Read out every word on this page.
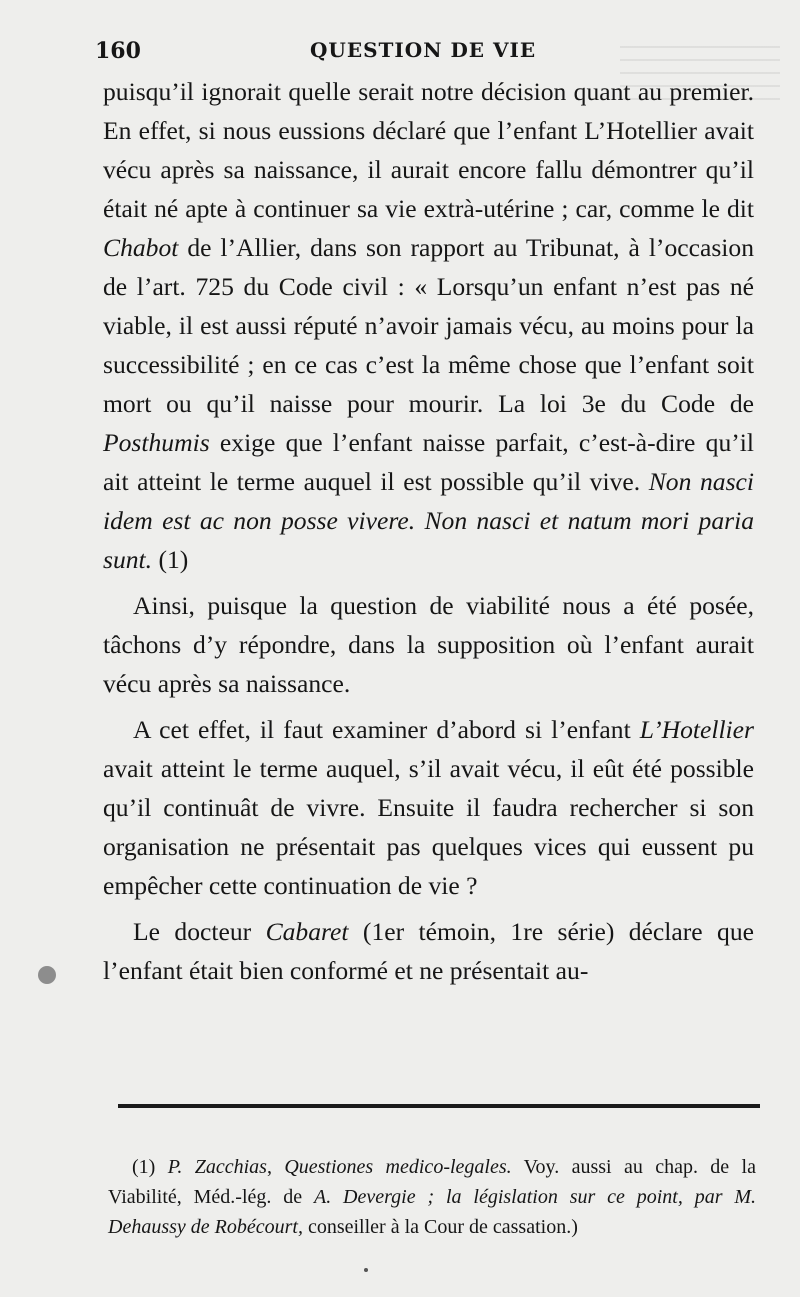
160	QUESTION DE VIE

puisqu’il ignorait quelle serait notre décision quant au premier. En effet, si nous eussions déclaré que l’enfant L’Hotellier avait vécu après sa naissance, il aurait encore fallu démontrer qu’il était né apte à continuer sa vie extrà-utérine ; car, comme le dit Chabot de l’Allier, dans son rapport au Tribunat, à l’occasion de l’art. 725 du Code civil : « Lorsqu’un enfant n’est pas né viable, il est aussi réputé n’avoir jamais vécu, au moins pour la successibilité ; en ce cas c’est la même chose que l’enfant soit mort ou qu’il naisse pour mourir. La loi 3e du Code de Posthumis exige que l’enfant naisse parfait, c’est-à-dire qu’il ait atteint le terme auquel il est possible qu’il vive. Non nasci idem est ac non posse vivere. Non nasci et natum mori paria sunt. (1)

Ainsi, puisque la question de viabilité nous a été posée, tâchons d’y répondre, dans la supposition où l’enfant aurait vécu après sa naissance.

A cet effet, il faut examiner d’abord si l’enfant L’Hotellier avait atteint le terme auquel, s’il avait vécu, il eût été possible qu’il continuât de vivre. Ensuite il faudra rechercher si son organisation ne présentait pas quelques vices qui eussent pu empêcher cette continuation de vie ?

Le docteur Cabaret (1er témoin, 1re série) déclare que l’enfant était bien conformé et ne présentait au-

(1) P. Zacchias, Questiones medico-legales. Voy. aussi au chap. de la Viabilité, Méd.-lég. de A. Devergie ; la législation sur ce point, par M. Dehaussy de Robécourt, conseiller à la Cour de cassation.)
